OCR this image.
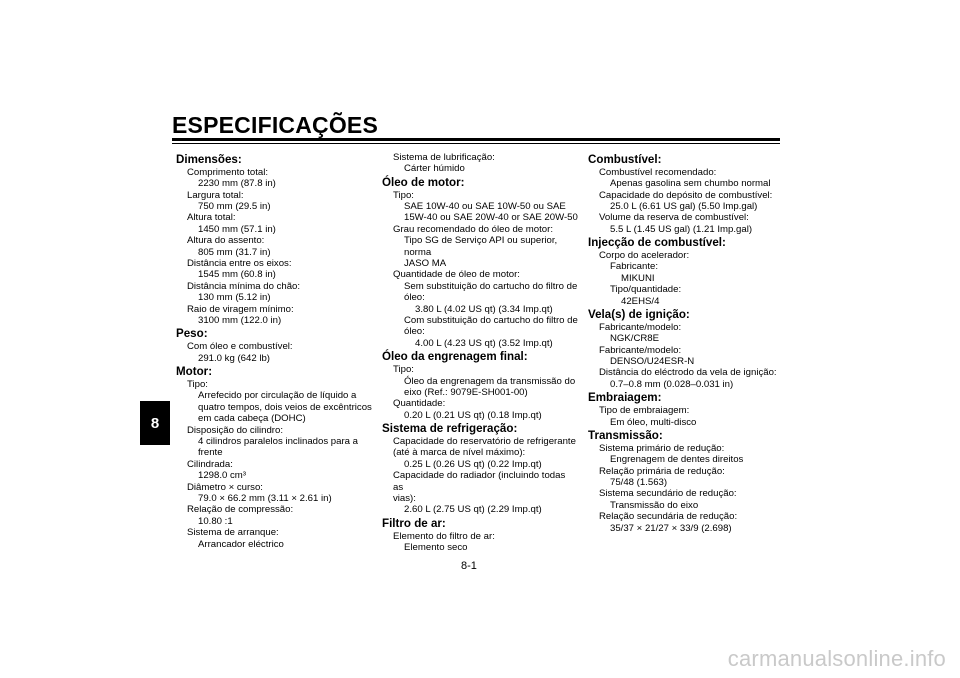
ESPECIFICAÇÕES
8
Dimensões:
Comprimento total:
2230 mm (87.8 in)
Largura total:
750 mm (29.5 in)
Altura total:
1450 mm (57.1 in)
Altura do assento:
805 mm (31.7 in)
Distância entre os eixos:
1545 mm (60.8 in)
Distância mínima do chão:
130 mm (5.12 in)
Raio de viragem mínimo:
3100 mm (122.0 in)
Peso:
Com óleo e combustível:
291.0 kg (642 lb)
Motor:
Tipo:
Arrefecido por circulação de líquido a
quatro tempos, dois veios de excêntricos
em cada cabeça (DOHC)
Disposição do cilindro:
4 cilindros paralelos inclinados para a
frente
Cilindrada:
1298.0 cm³
Diâmetro × curso:
79.0 × 66.2 mm (3.11 × 2.61 in)
Relação de compressão:
10.80 :1
Sistema de arranque:
Arrancador eléctrico
Sistema de lubrificação:
Cárter húmido
Óleo de motor:
Tipo:
SAE 10W-40 ou SAE 10W-50 ou SAE
15W-40 ou SAE 20W-40 or SAE 20W-50
Grau recomendado do óleo de motor:
Tipo SG de Serviço API ou superior, norma
JASO MA
Quantidade de óleo de motor:
Sem substituição do cartucho do filtro de
óleo:
3.80 L (4.02 US qt) (3.34 Imp.qt)
Com substituição do cartucho do filtro de
óleo:
4.00 L (4.23 US qt) (3.52 Imp.qt)
Óleo da engrenagem final:
Tipo:
Óleo da engrenagem da transmissão do
eixo (Ref.: 9079E-SH001-00)
Quantidade:
0.20 L (0.21 US qt) (0.18 Imp.qt)
Sistema de refrigeração:
Capacidade do reservatório de refrigerante
(até à marca de nível máximo):
0.25 L (0.26 US qt) (0.22 Imp.qt)
Capacidade do radiador (incluindo todas as
vias):
2.60 L (2.75 US qt) (2.29 Imp.qt)
Filtro de ar:
Elemento do filtro de ar:
Elemento seco
Combustível:
Combustível recomendado:
Apenas gasolina sem chumbo normal
Capacidade do depósito de combustível:
25.0 L (6.61 US gal) (5.50 Imp.gal)
Volume da reserva de combustível:
5.5 L (1.45 US gal) (1.21 Imp.gal)
Injecção de combustível:
Corpo do acelerador:
Fabricante:
MIKUNI
Tipo/quantidade:
42EHS/4
Vela(s) de ignição:
Fabricante/modelo:
NGK/CR8E
Fabricante/modelo:
DENSO/U24ESR-N
Distância do eléctrodo da vela de ignição:
0.7–0.8 mm (0.028–0.031 in)
Embraiagem:
Tipo de embraiagem:
Em óleo, multi-disco
Transmissão:
Sistema primário de redução:
Engrenagem de dentes direitos
Relação primária de redução:
75/48 (1.563)
Sistema secundário de redução:
Transmissão do eixo
Relação secundária de redução:
35/37 × 21/27 × 33/9 (2.698)
8-1
carmanualsonline.info
